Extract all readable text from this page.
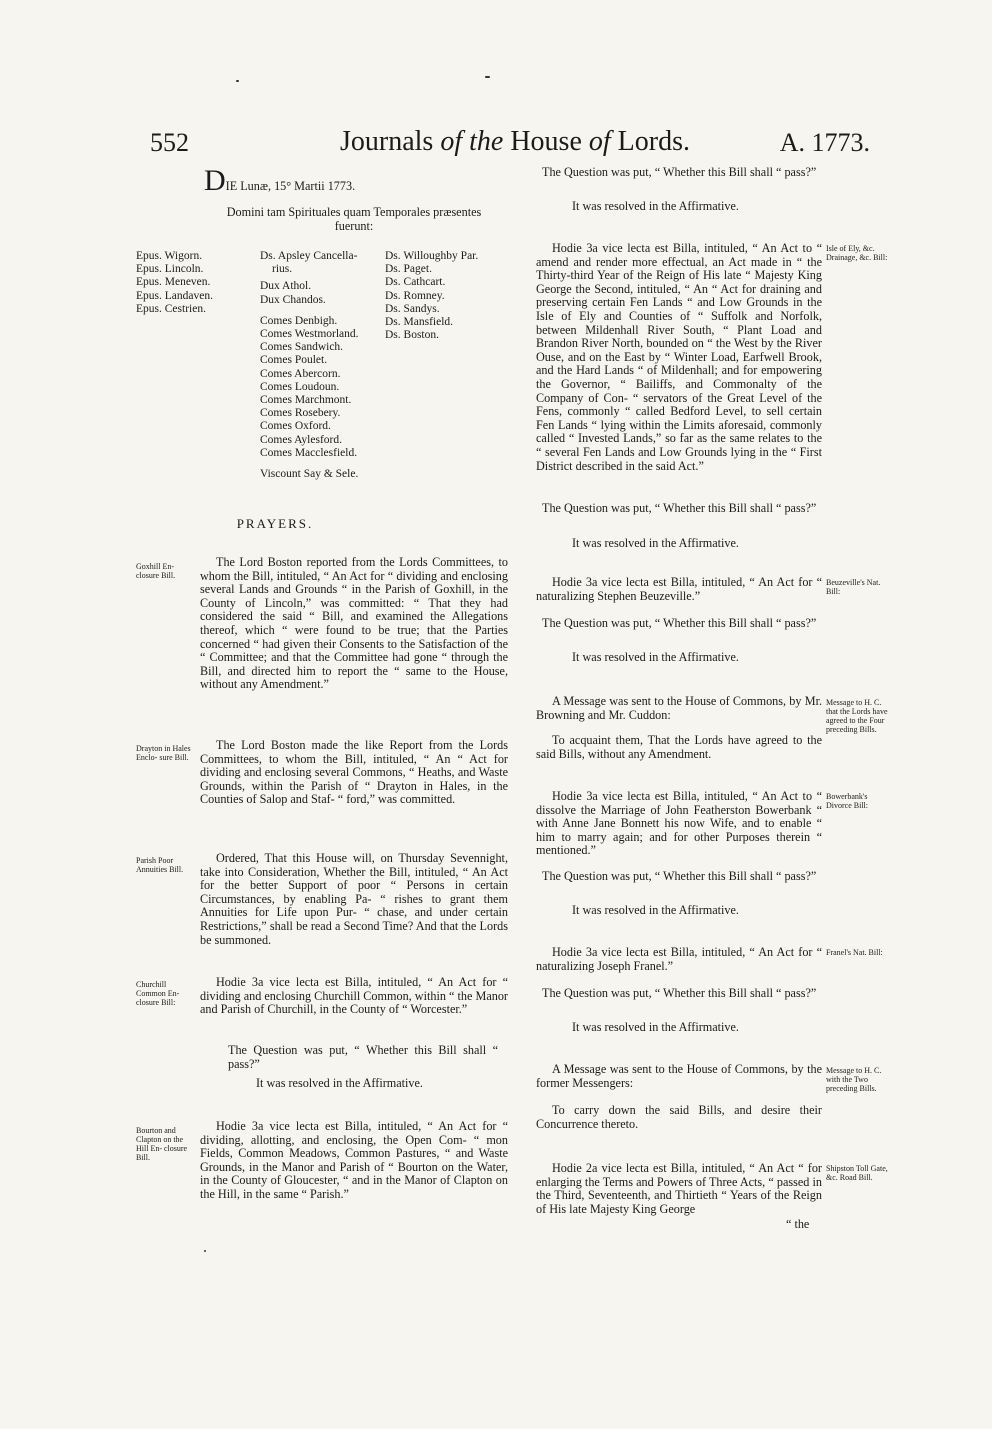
552	Journals of the House of Lords.	A. 1773.
DIE Lunæ, 15° Martii 1773.
Domini tam Spirituales quam Temporales præsentes
fuerunt:
Epus. Wigorn.
Epus. Lincoln.
Epus. Meneven.
Epus. Landaven.
Epus. Cestrien.
Ds. Apsley Cancella-
rius.
Dux Athol.
Dux Chandos.
Comes Denbigh.
Comes Westmorland.
Comes Sandwich.
Comes Poulet.
Comes Abercorn.
Comes Loudoun.
Comes Marchmont.
Comes Rosebery.
Comes Oxford.
Comes Aylesford.
Comes Macclesfield.
Viscount Say & Sele.
Ds. Willoughby Par.
Ds. Paget.
Ds. Cathcart.
Ds. Romney.
Ds. Sandys.
Ds. Mansfield.
Ds. Boston.
PRAYERS.
The Lord Boston reported from the Lords Committees, to whom the Bill, intituled, “ An Act for “ dividing and enclosing several Lands and Grounds “ in the Parish of Goxhill, in the County of Lincoln,” was committed: “ That they had considered the said “ Bill, and examined the Allegations thereof, which “ were found to be true; that the Parties concerned “ had given their Consents to the Satisfaction of the “ Committee; and that the Committee had gone “ through the Bill, and directed him to report the “ same to the House, without any Amendment.”
The Lord Boston made the like Report from the Lords Committees, to whom the Bill, intituled, “ An “ Act for dividing and enclosing several Commons, “ Heaths, and Waste Grounds, within the Parish of “ Drayton in Hales, in the Counties of Salop and Staf- “ ford,” was committed.
Ordered, That this House will, on Thursday Sevennight, take into Consideration, Whether the Bill, intituled, “ An Act for the better Support of poor “ Persons in certain Circumstances, by enabling Pa- “ rishes to grant them Annuities for Life upon Pur- “ chase, and under certain Restrictions,” shall be read a Second Time? And that the Lords be summoned.
Hodie 3a vice lecta est Billa, intituled, “ An Act for “ dividing and enclosing Churchill Common, within “ the Manor and Parish of Churchill, in the County of “ Worcester.”
The Question was put, “ Whether this Bill shall “ pass?”
It was resolved in the Affirmative.
Hodie 3a vice lecta est Billa, intituled, “ An Act for “ dividing, allotting, and enclosing, the Open Com- “ mon Fields, Common Meadows, Common Pastures, “ and Waste Grounds, in the Manor and Parish of “ Bourton on the Water, in the County of Gloucester, “ and in the Manor of Clapton on the Hill, in the same “ Parish.”
Goxhill En- closure Bill.
Drayton in Hales Enclo- sure Bill.
Parish Poor Annuities Bill.
Churchill Common En- closure Bill:
Bourton and Clapton on the Hill En- closure Bill.
The Question was put, “ Whether this Bill shall “ pass?”
It was resolved in the Affirmative.
Hodie 3a vice lecta est Billa, intituled, “ An Act to “ amend and render more effectual, an Act made in “ the Thirty-third Year of the Reign of His late “ Majesty King George the Second, intituled, “ An “ Act for draining and preserving certain Fen Lands “ and Low Grounds in the Isle of Ely and Counties of “ Suffolk and Norfolk, between Mildenhall River South, “ Plant Load and Brandon River North, bounded on “ the West by the River Ouse, and on the East by “ Winter Load, Earfwell Brook, and the Hard Lands “ of Mildenhall; and for empowering the Governor, “ Bailiffs, and Commonalty of the Company of Con- “ servators of the Great Level of the Fens, commonly “ called Bedford Level, to sell certain Fen Lands “ lying within the Limits aforesaid, commonly called “ Invested Lands,” so far as the same relates to the “ several Fen Lands and Low Grounds lying in the “ First District described in the said Act.”
The Question was put, “ Whether this Bill shall “ pass?”
It was resolved in the Affirmative.
Hodie 3a vice lecta est Billa, intituled, “ An Act for “ naturalizing Stephen Beuzeville.”
The Question was put, “ Whether this Bill shall “ pass?”
It was resolved in the Affirmative.
A Message was sent to the House of Commons, by Mr. Browning and Mr. Cuddon:
To acquaint them, That the Lords have agreed to the said Bills, without any Amendment.
Hodie 3a vice lecta est Billa, intituled, “ An Act to “ dissolve the Marriage of John Featherston Bowerbank “ with Anne Jane Bonnett his now Wife, and to enable “ him to marry again; and for other Purposes therein “ mentioned.”
The Question was put, “ Whether this Bill shall “ pass?”
It was resolved in the Affirmative.
Hodie 3a vice lecta est Billa, intituled, “ An Act for “ naturalizing Joseph Franel.”
The Question was put, “ Whether this Bill shall “ pass?”
It was resolved in the Affirmative.
A Message was sent to the House of Commons, by the former Messengers:
To carry down the said Bills, and desire their Concurrence thereto.
Hodie 2a vice lecta est Billa, intituled, “ An Act “ for enlarging the Terms and Powers of Three Acts, “ passed in the Third, Seventeenth, and Thirtieth “ Years of the Reign of His late Majesty King George
“ the
Isle of Ely, &c. Drainage, &c. Bill:
Beuzeville's Nat. Bill:
Message to H. C. that the Lords have agreed to the Four preceding Bills.
Bowerbank's Divorce Bill:
Franel's Nat. Bill:
Message to H. C. with the Two preceding Bills.
Shipston Toll Gate, &c. Road Bill.
